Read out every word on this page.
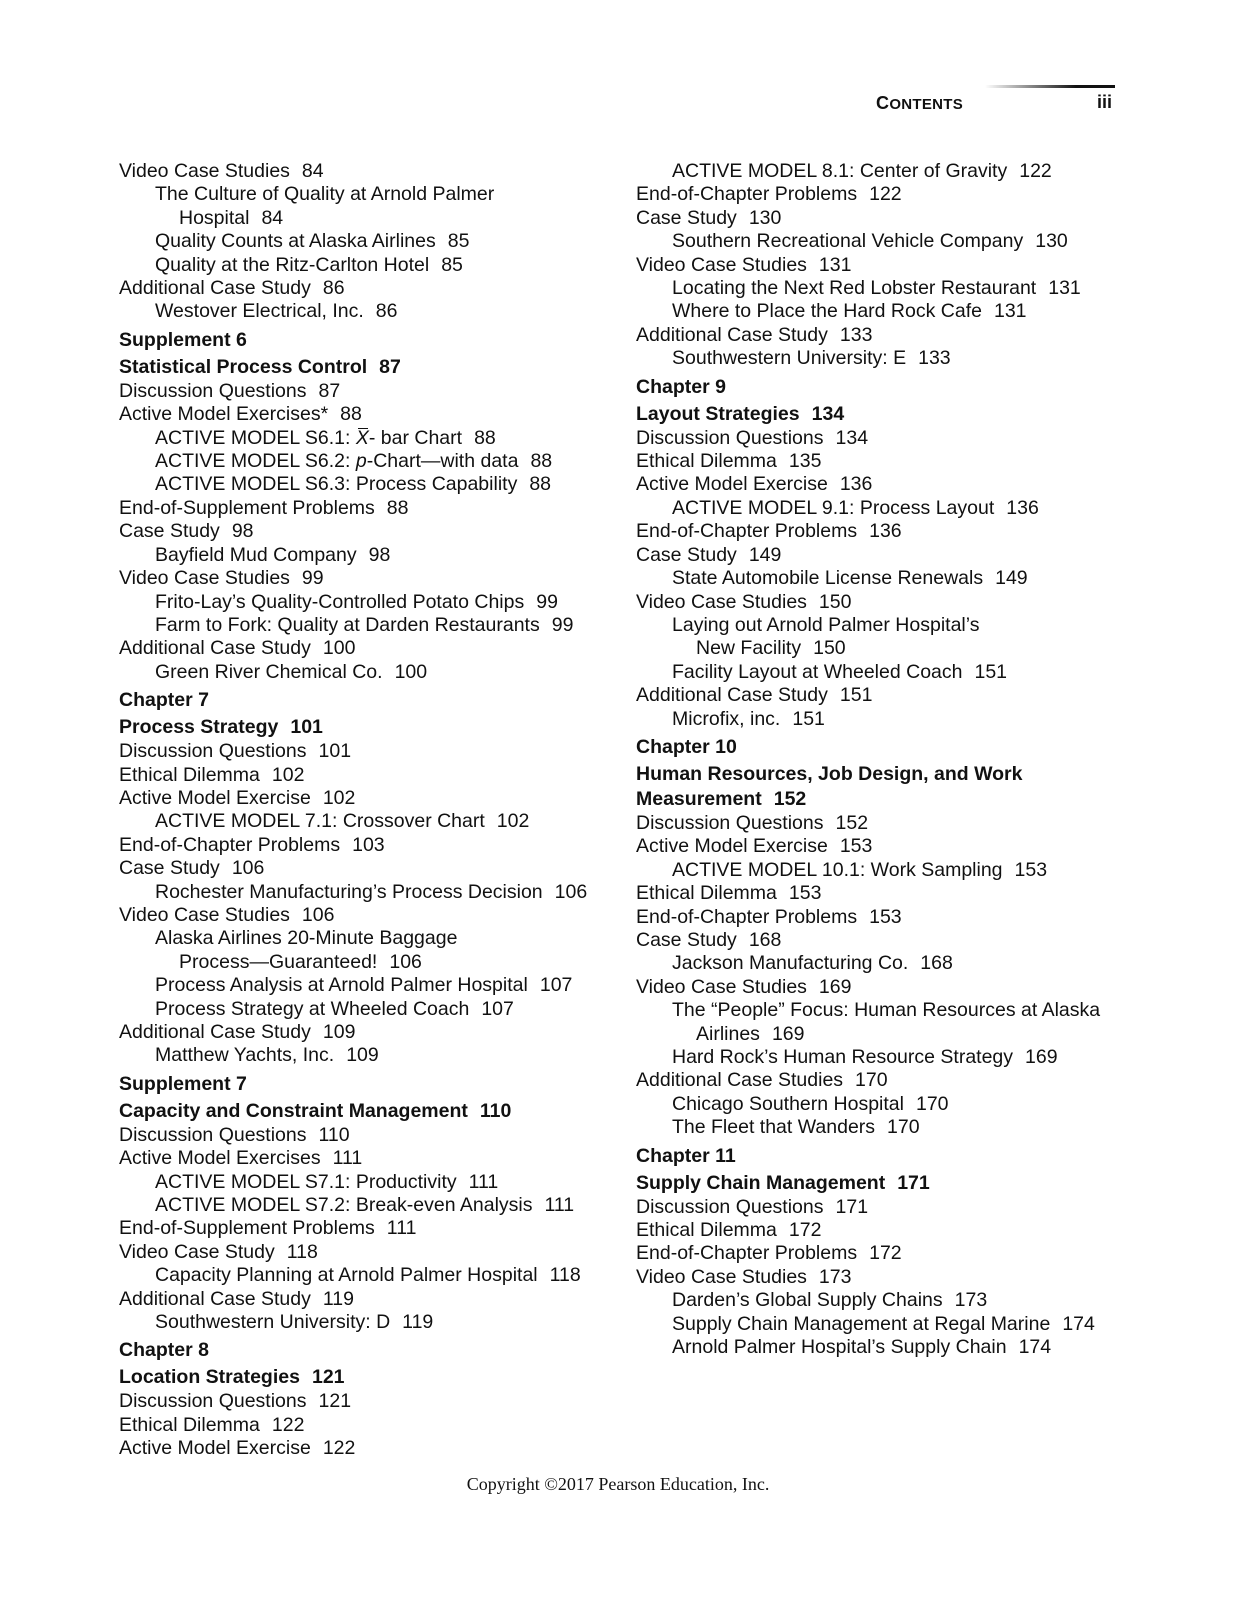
CONTENTS	iii
Video Case Studies 84
The Culture of Quality at Arnold Palmer
Hospital 84
Quality Counts at Alaska Airlines 85
Quality at the Ritz-Carlton Hotel 85
Additional Case Study 86
Westover Electrical, Inc. 86
Supplement 6
Statistical Process Control 87
Discussion Questions 87
Active Model Exercises* 88
ACTIVE MODEL S6.1: X- bar Chart 88
ACTIVE MODEL S6.2: p-Chart—with data 88
ACTIVE MODEL S6.3: Process Capability 88
End-of-Supplement Problems 88
Case Study 98
Bayfield Mud Company 98
Video Case Studies 99
Frito-Lay’s Quality-Controlled Potato Chips 99
Farm to Fork: Quality at Darden Restaurants 99
Additional Case Study 100
Green River Chemical Co. 100
Chapter 7
Process Strategy 101
Discussion Questions 101
Ethical Dilemma 102
Active Model Exercise 102
ACTIVE MODEL 7.1: Crossover Chart 102
End-of-Chapter Problems 103
Case Study 106
Rochester Manufacturing’s Process Decision 106
Video Case Studies 106
Alaska Airlines 20-Minute Baggage
Process—Guaranteed! 106
Process Analysis at Arnold Palmer Hospital 107
Process Strategy at Wheeled Coach 107
Additional Case Study 109
Matthew Yachts, Inc. 109
Supplement 7
Capacity and Constraint Management 110
Discussion Questions 110
Active Model Exercises 111
ACTIVE MODEL S7.1: Productivity 111
ACTIVE MODEL S7.2: Break-even Analysis 111
End-of-Supplement Problems 111
Video Case Study 118
Capacity Planning at Arnold Palmer Hospital 118
Additional Case Study 119
Southwestern University: D 119
Chapter 8
Location Strategies 121
Discussion Questions 121
Ethical Dilemma 122
Active Model Exercise 122
ACTIVE MODEL 8.1: Center of Gravity 122
End-of-Chapter Problems 122
Case Study 130
Southern Recreational Vehicle Company 130
Video Case Studies 131
Locating the Next Red Lobster Restaurant 131
Where to Place the Hard Rock Cafe 131
Additional Case Study 133
Southwestern University: E 133
Chapter 9
Layout Strategies 134
Discussion Questions 134
Ethical Dilemma 135
Active Model Exercise 136
ACTIVE MODEL 9.1: Process Layout 136
End-of-Chapter Problems 136
Case Study 149
State Automobile License Renewals 149
Video Case Studies 150
Laying out Arnold Palmer Hospital’s
New Facility 150
Facility Layout at Wheeled Coach 151
Additional Case Study 151
Microfix, inc. 151
Chapter 10
Human Resources, Job Design, and Work
Measurement 152
Discussion Questions 152
Active Model Exercise 153
ACTIVE MODEL 10.1: Work Sampling 153
Ethical Dilemma 153
End-of-Chapter Problems 153
Case Study 168
Jackson Manufacturing Co. 168
Video Case Studies 169
The “People” Focus: Human Resources at Alaska
Airlines 169
Hard Rock’s Human Resource Strategy 169
Additional Case Studies 170
Chicago Southern Hospital 170
The Fleet that Wanders 170
Chapter 11
Supply Chain Management 171
Discussion Questions 171
Ethical Dilemma 172
End-of-Chapter Problems 172
Video Case Studies 173
Darden’s Global Supply Chains 173
Supply Chain Management at Regal Marine 174
Arnold Palmer Hospital’s Supply Chain 174
Copyright ©2017 Pearson Education, Inc.
